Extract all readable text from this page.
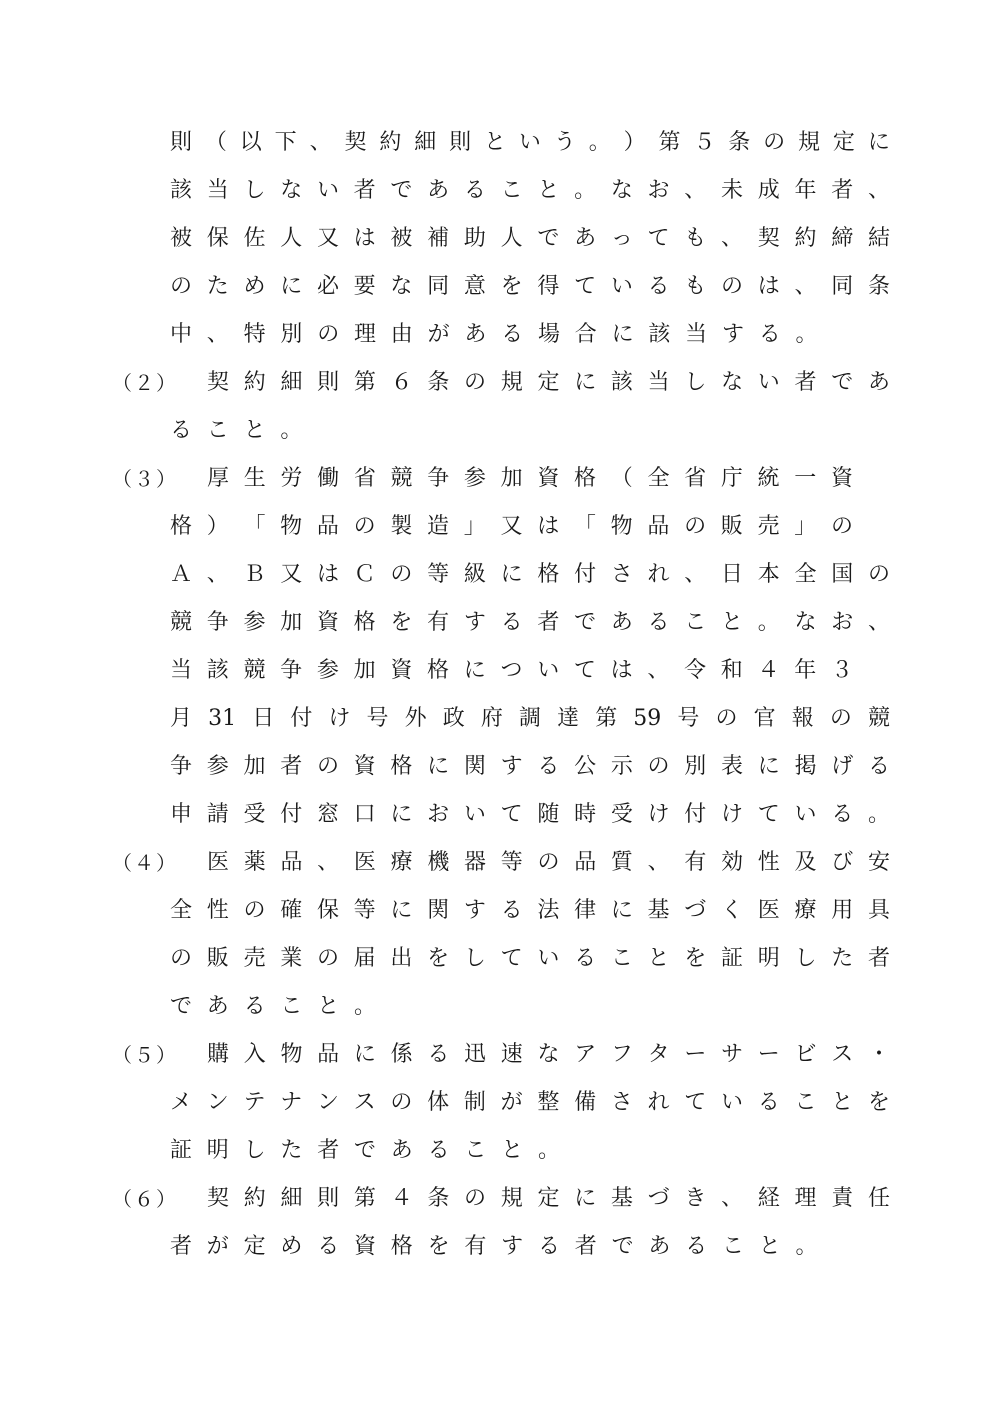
則 （ 以 下 、 契 約 細 則 と い う 。 ） 第 ５ 条 の 規 定 に
該 当 し な い 者 で あ る こ と 。 な お 、 未 成 年 者 、
被 保 佐 人 又 は 被 補 助 人 で あ っ て も 、 契 約 締 結
の た め に 必 要 な 同 意 を 得 て い る も の は 、 同 条
中 、 特 別 の 理 由 が あ る 場 合 に 該 当 す る 。
（２） 契 約 細 則 第 ６ 条 の 規 定 に 該 当 し な い 者 で あ
る こ と 。
（３） 厚 生 労 働 省 競 争 参 加 資 格 （ 全 省 庁 統 一 資
格 ） 「 物 品 の 製 造 」 又 は 「 物 品 の 販 売 」 の
Ａ 、 Ｂ 又 は Ｃ の 等 級 に 格 付 さ れ 、 日 本 全 国 の
競 争 参 加 資 格 を 有 す る 者 で あ る こ と 。 な お 、
当 該 競 争 参 加 資 格 に つ い て は 、 令 和 ４ 年 ３
月 31 日 付 け 号 外 政 府 調 達 第 59 号 の 官 報 の 競
争 参 加 者 の 資 格 に 関 す る 公 示 の 別 表 に 掲 げ る
申 請 受 付 窓 口 に お い て 随 時 受 け 付 け て い る 。
（４） 医 薬 品 、 医 療 機 器 等 の 品 質 、 有 効 性 及 び 安
全 性 の 確 保 等 に 関 す る 法 律 に 基 づ く 医 療 用 具
の 販 売 業 の 届 出 を し て い る こ と を 証 明 し た 者
で あ る こ と 。
（５） 購 入 物 品 に 係 る 迅 速 な ア フ タ ー サ ー ビ ス ・
メ ン テ ナ ン ス の 体 制 が 整 備 さ れ て い る こ と を
証 明 し た 者 で あ る こ と 。
（６） 契 約 細 則 第 ４ 条 の 規 定 に 基 づ き 、 経 理 責 任
者 が 定 め る 資 格 を 有 す る 者 で あ る こ と 。
